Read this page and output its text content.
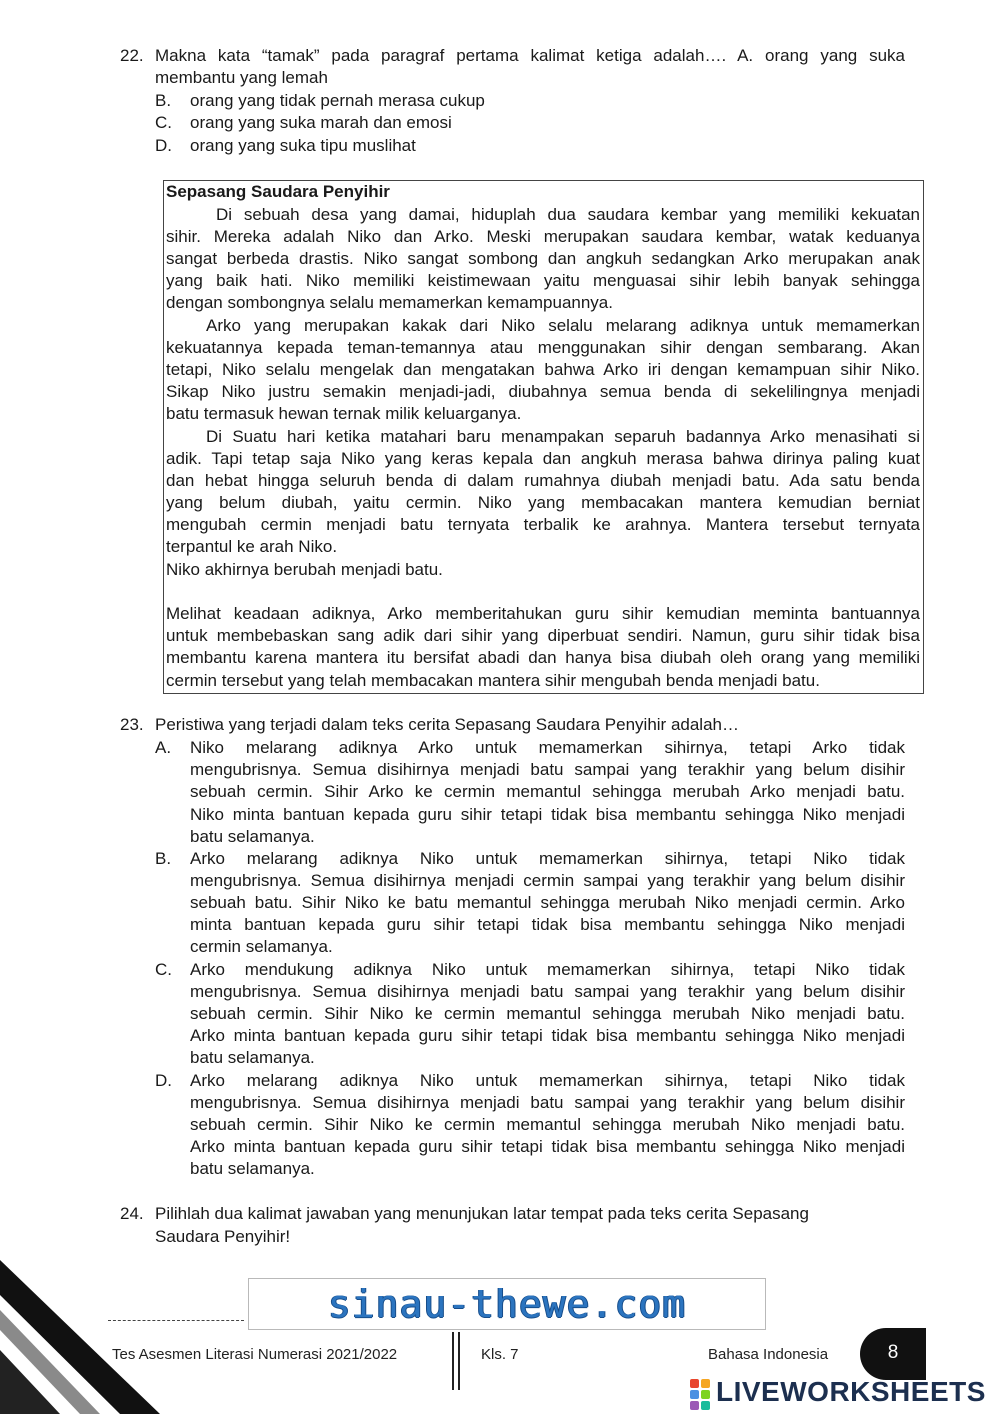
22. Makna kata “tamak” pada paragraf pertama kalimat ketiga adalah…. A. orang yang suka
membantu yang lemah
B. orang yang tidak pernah merasa cukup
C. orang yang suka marah dan emosi
D. orang yang suka tipu muslihat
Sepasang Saudara Penyihir
Di sebuah desa yang damai, hiduplah dua saudara kembar yang memiliki kekuatan
sihir. Mereka adalah Niko dan Arko. Meski merupakan saudara kembar, watak keduanya
sangat berbeda drastis. Niko sangat sombong dan angkuh sedangkan Arko merupakan anak
yang baik hati. Niko memiliki keistimewaan yaitu menguasai sihir lebih banyak sehingga
dengan sombongnya selalu memamerkan kemampuannya.
Arko yang merupakan kakak dari Niko selalu melarang adiknya untuk memamerkan
kekuatannya kepada teman-temannya atau menggunakan sihir dengan sembarang. Akan
tetapi, Niko selalu mengelak dan mengatakan bahwa Arko iri dengan kemampuan sihir Niko.
Sikap Niko justru semakin menjadi-jadi, diubahnya semua benda di sekelilingnya menjadi
batu termasuk hewan ternak milik keluarganya.
Di Suatu hari ketika matahari baru menampakan separuh badannya Arko menasihati si
adik. Tapi tetap saja Niko yang keras kepala dan angkuh merasa bahwa dirinya paling kuat
dan hebat hingga seluruh benda di dalam rumahnya diubah menjadi batu. Ada satu benda
yang belum diubah, yaitu cermin. Niko yang membacakan mantera kemudian berniat
mengubah cermin menjadi batu ternyata terbalik ke arahnya. Mantera tersebut ternyata
terpantul ke arah Niko.
Niko akhirnya berubah menjadi batu.
Melihat keadaan adiknya, Arko memberitahukan guru sihir kemudian meminta bantuannya
untuk membebaskan sang adik dari sihir yang diperbuat sendiri. Namun, guru sihir tidak bisa
membantu karena mantera itu bersifat abadi dan hanya bisa diubah oleh orang yang memiliki
cermin tersebut yang telah membacakan mantera sihir mengubah benda menjadi batu.
23. Peristiwa yang terjadi dalam teks cerita Sepasang Saudara Penyihir adalah…
A. Niko melarang adiknya Arko untuk memamerkan sihirnya, tetapi Arko tidak
mengubrisnya. Semua disihirnya menjadi batu sampai yang terakhir yang belum disihir
sebuah cermin. Sihir Arko ke cermin memantul sehingga merubah Arko menjadi batu.
Niko minta bantuan kepada guru sihir tetapi tidak bisa membantu sehingga Niko menjadi
batu selamanya.
B. Arko melarang adiknya Niko untuk memamerkan sihirnya, tetapi Niko tidak
mengubrisnya. Semua disihirnya menjadi cermin sampai yang terakhir yang belum disihir
sebuah batu. Sihir Niko ke batu memantul sehingga merubah Niko menjadi cermin. Arko
minta bantuan kepada guru sihir tetapi tidak bisa membantu sehingga Niko menjadi
cermin selamanya.
C. Arko mendukung adiknya Niko untuk memamerkan sihirnya, tetapi Niko tidak
mengubrisnya. Semua disihirnya menjadi batu sampai yang terakhir yang belum disihir
sebuah cermin. Sihir Niko ke cermin memantul sehingga merubah Niko menjadi batu.
Arko minta bantuan kepada guru sihir tetapi tidak bisa membantu sehingga Niko menjadi
batu selamanya.
D. Arko melarang adiknya Niko untuk memamerkan sihirnya, tetapi Niko tidak
mengubrisnya. Semua disihirnya menjadi batu sampai yang terakhir yang belum disihir
sebuah cermin. Sihir Niko ke cermin memantul sehingga merubah Niko menjadi batu.
Arko minta bantuan kepada guru sihir tetapi tidak bisa membantu sehingga Niko menjadi
batu selamanya.
24. Pilihlah dua kalimat jawaban yang menunjukan latar tempat pada teks cerita Sepasang
Saudara Penyihir!
sinau-thewe.com
Tes Asesmen Literasi Numerasi 2021/2022	Kls. 7	Bahasa Indonesia	8
LIVEWORKSHEETS
